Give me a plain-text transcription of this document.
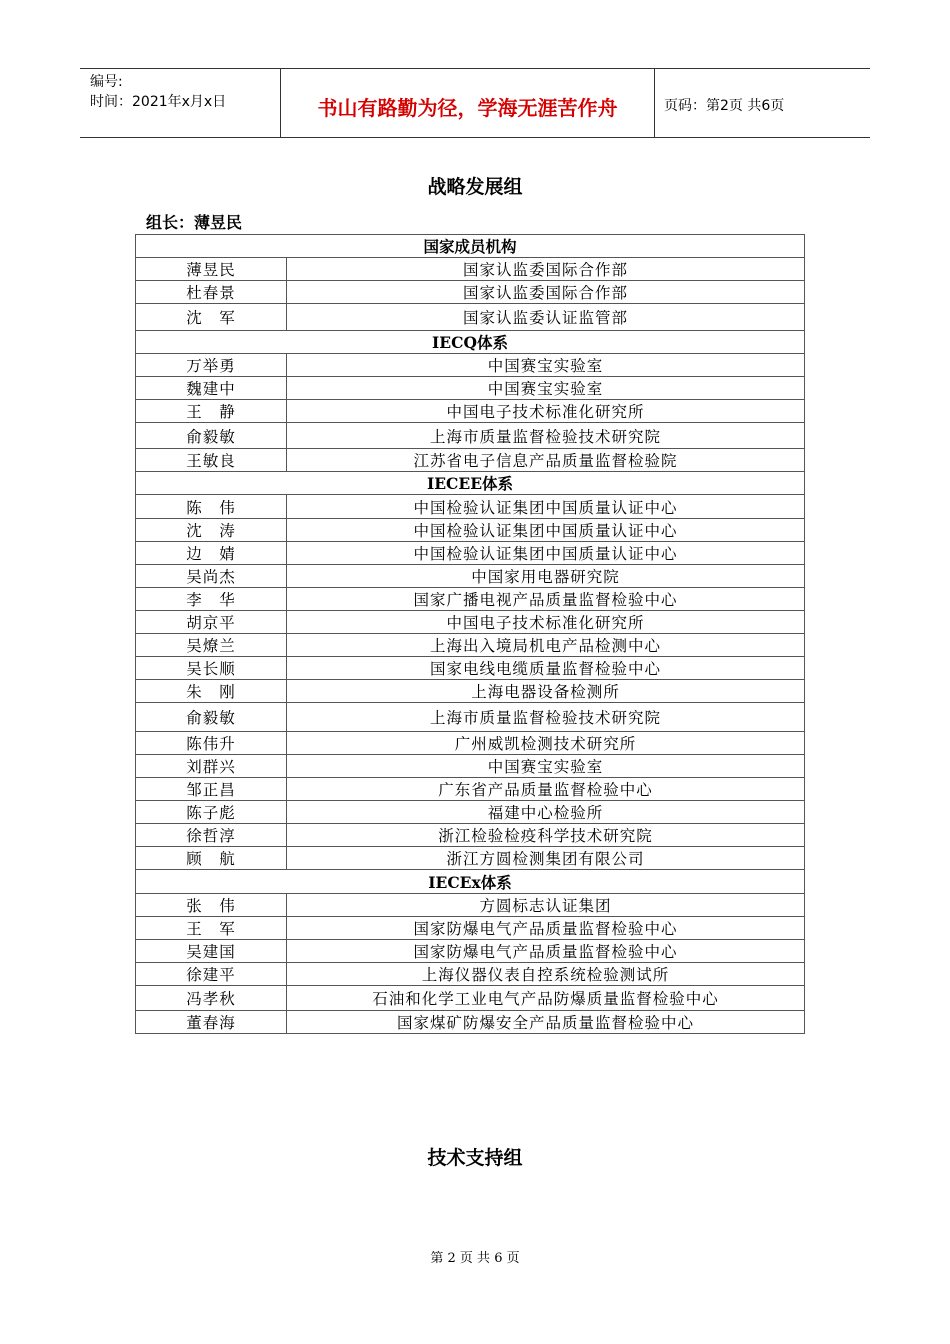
编号:
时间：2021年x月x日	书山有路勤为径，学海无涯苦作舟	页码：第2页 共6页
战略发展组
组长：薄昱民
国家成员机构	
薄昱民	国家认监委国际合作部
杜春景	国家认监委国际合作部
沈　军	国家认监委认证监管部
IECQ体系	
万举勇	中国赛宝实验室
魏建中	中国赛宝实验室
王　静	中国电子技术标准化研究所
俞毅敏	上海市质量监督检验技术研究院
王敏良	江苏省电子信息产品质量监督检验院
IECEE体系	
陈　伟	中国检验认证集团中国质量认证中心
沈　涛	中国检验认证集团中国质量认证中心
边　婧	中国检验认证集团中国质量认证中心
吴尚杰	中国家用电器研究院
李　华	国家广播电视产品质量监督检验中心
胡京平	中国电子技术标准化研究所
吴燎兰	上海出入境局机电产品检测中心
吴长顺	国家电线电缆质量监督检验中心
朱　刚	上海电器设备检测所
俞毅敏	上海市质量监督检验技术研究院
陈伟升	广州威凯检测技术研究所
刘群兴	中国赛宝实验室
邹正昌	广东省产品质量监督检验中心
陈子彪	福建中心检验所
徐哲淳	浙江检验检疫科学技术研究院
顾　航	浙江方圆检测集团有限公司
IECEx体系	
张　伟	方圆标志认证集团
王　军	国家防爆电气产品质量监督检验中心
吴建国	国家防爆电气产品质量监督检验中心
徐建平	上海仪器仪表自控系统检验测试所
冯孝秋	石油和化学工业电气产品防爆质量监督检验中心
董春海	国家煤矿防爆安全产品质量监督检验中心
技术支持组
第 2 页 共 6 页
